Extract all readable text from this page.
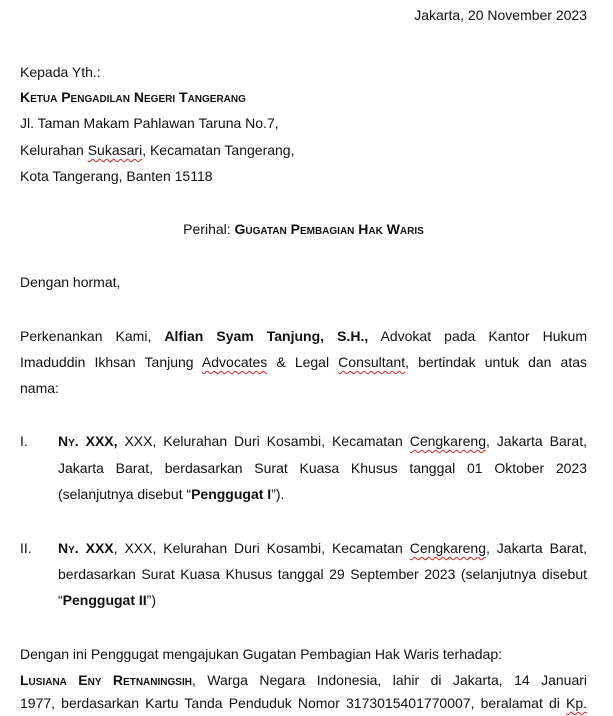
Jakarta, 20 November 2023
Kepada Yth.:
Ketua Pengadilan Negeri Tangerang
Jl. Taman Makam Pahlawan Taruna No.7,
Kelurahan Sukasari, Kecamatan Tangerang,
Kota Tangerang, Banten 15118
Perihal: Gugatan Pembagian Hak Waris
Dengan hormat,
Perkenankan Kami, Alfian Syam Tanjung, S.H., Advokat pada Kantor Hukum
Imaduddin Ikhsan Tanjung Advocates & Legal Consultant, bertindak untuk dan atas
nama:
I. Ny. XXX, XXX, Kelurahan Duri Kosambi, Kecamatan Cengkareng, Jakarta Barat,
Jakarta Barat, berdasarkan Surat Kuasa Khusus tanggal 01 Oktober 2023
(selanjutnya disebut “Penggugat I”).
II. Ny. XXX, XXX, Kelurahan Duri Kosambi, Kecamatan Cengkareng, Jakarta Barat,
berdasarkan Surat Kuasa Khusus tanggal 29 September 2023 (selanjutnya disebut
“Penggugat II”)
Dengan ini Penggugat mengajukan Gugatan Pembagian Hak Waris terhadap:
Lusiana Eny Retnaningsih, Warga Negara Indonesia, lahir di Jakarta, 14 Januari
1977, berdasarkan Kartu Tanda Penduduk Nomor 3173015401770007, beralamat di Kp.
